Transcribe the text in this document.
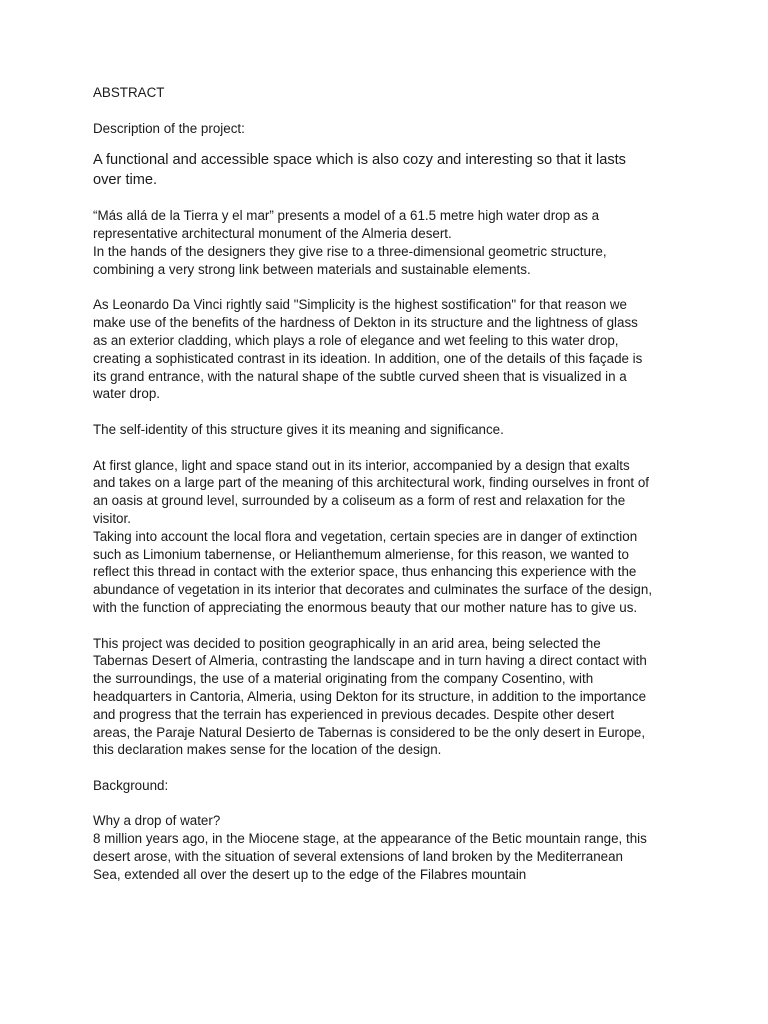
ABSTRACT

Description of the project:

A functional and accessible space which is also cozy and interesting so that it lasts over time.

“Más allá de la Tierra y el mar” presents a model of a 61.5 metre high water drop as a representative architectural monument of the Almeria desert.

In the hands of the designers they give rise to a three-dimensional geometric structure, combining a very strong link between materials and sustainable elements.

As Leonardo Da Vinci rightly said "Simplicity is the highest sostification" for that reason we make use of the benefits of the hardness of Dekton in its structure and the lightness of glass as an exterior cladding, which plays a role of elegance and wet feeling to this water drop, creating a sophisticated contrast in its ideation. In addition, one of the details of this façade is its grand entrance, with the natural shape of the subtle curved sheen that is visualized in a water drop.

The self-identity of this structure gives it its meaning and significance.

At first glance, light and space stand out in its interior, accompanied by a design that exalts and takes on a large part of the meaning of this architectural work, finding ourselves in front of an oasis at ground level, surrounded by a coliseum as a form of rest and relaxation for the visitor.

Taking into account the local flora and vegetation, certain species are in danger of extinction such as Limonium tabernense, or Helianthemum almeriense, for this reason, we wanted to reflect this thread in contact with the exterior space, thus enhancing this experience with the abundance of vegetation in its interior that decorates and culminates the surface of the design, with the function of appreciating the enormous beauty that our mother nature has to give us.

This project was decided to position geographically in an arid area, being selected the Tabernas Desert of Almeria, contrasting the landscape and in turn having a direct contact with the surroundings, the use of a material originating from the company Cosentino, with headquarters in Cantoria, Almeria, using Dekton for its structure, in addition to the importance and progress that the terrain has experienced in previous decades. Despite other desert areas, the Paraje Natural Desierto de Tabernas is considered to be the only desert in Europe, this declaration makes sense for the location of the design.

Background:

Why a drop of water?

8 million years ago, in the Miocene stage, at the appearance of the Betic mountain range, this desert arose, with the situation of several extensions of land broken by the Mediterranean Sea, extended all over the desert up to the edge of the Filabres mountain
